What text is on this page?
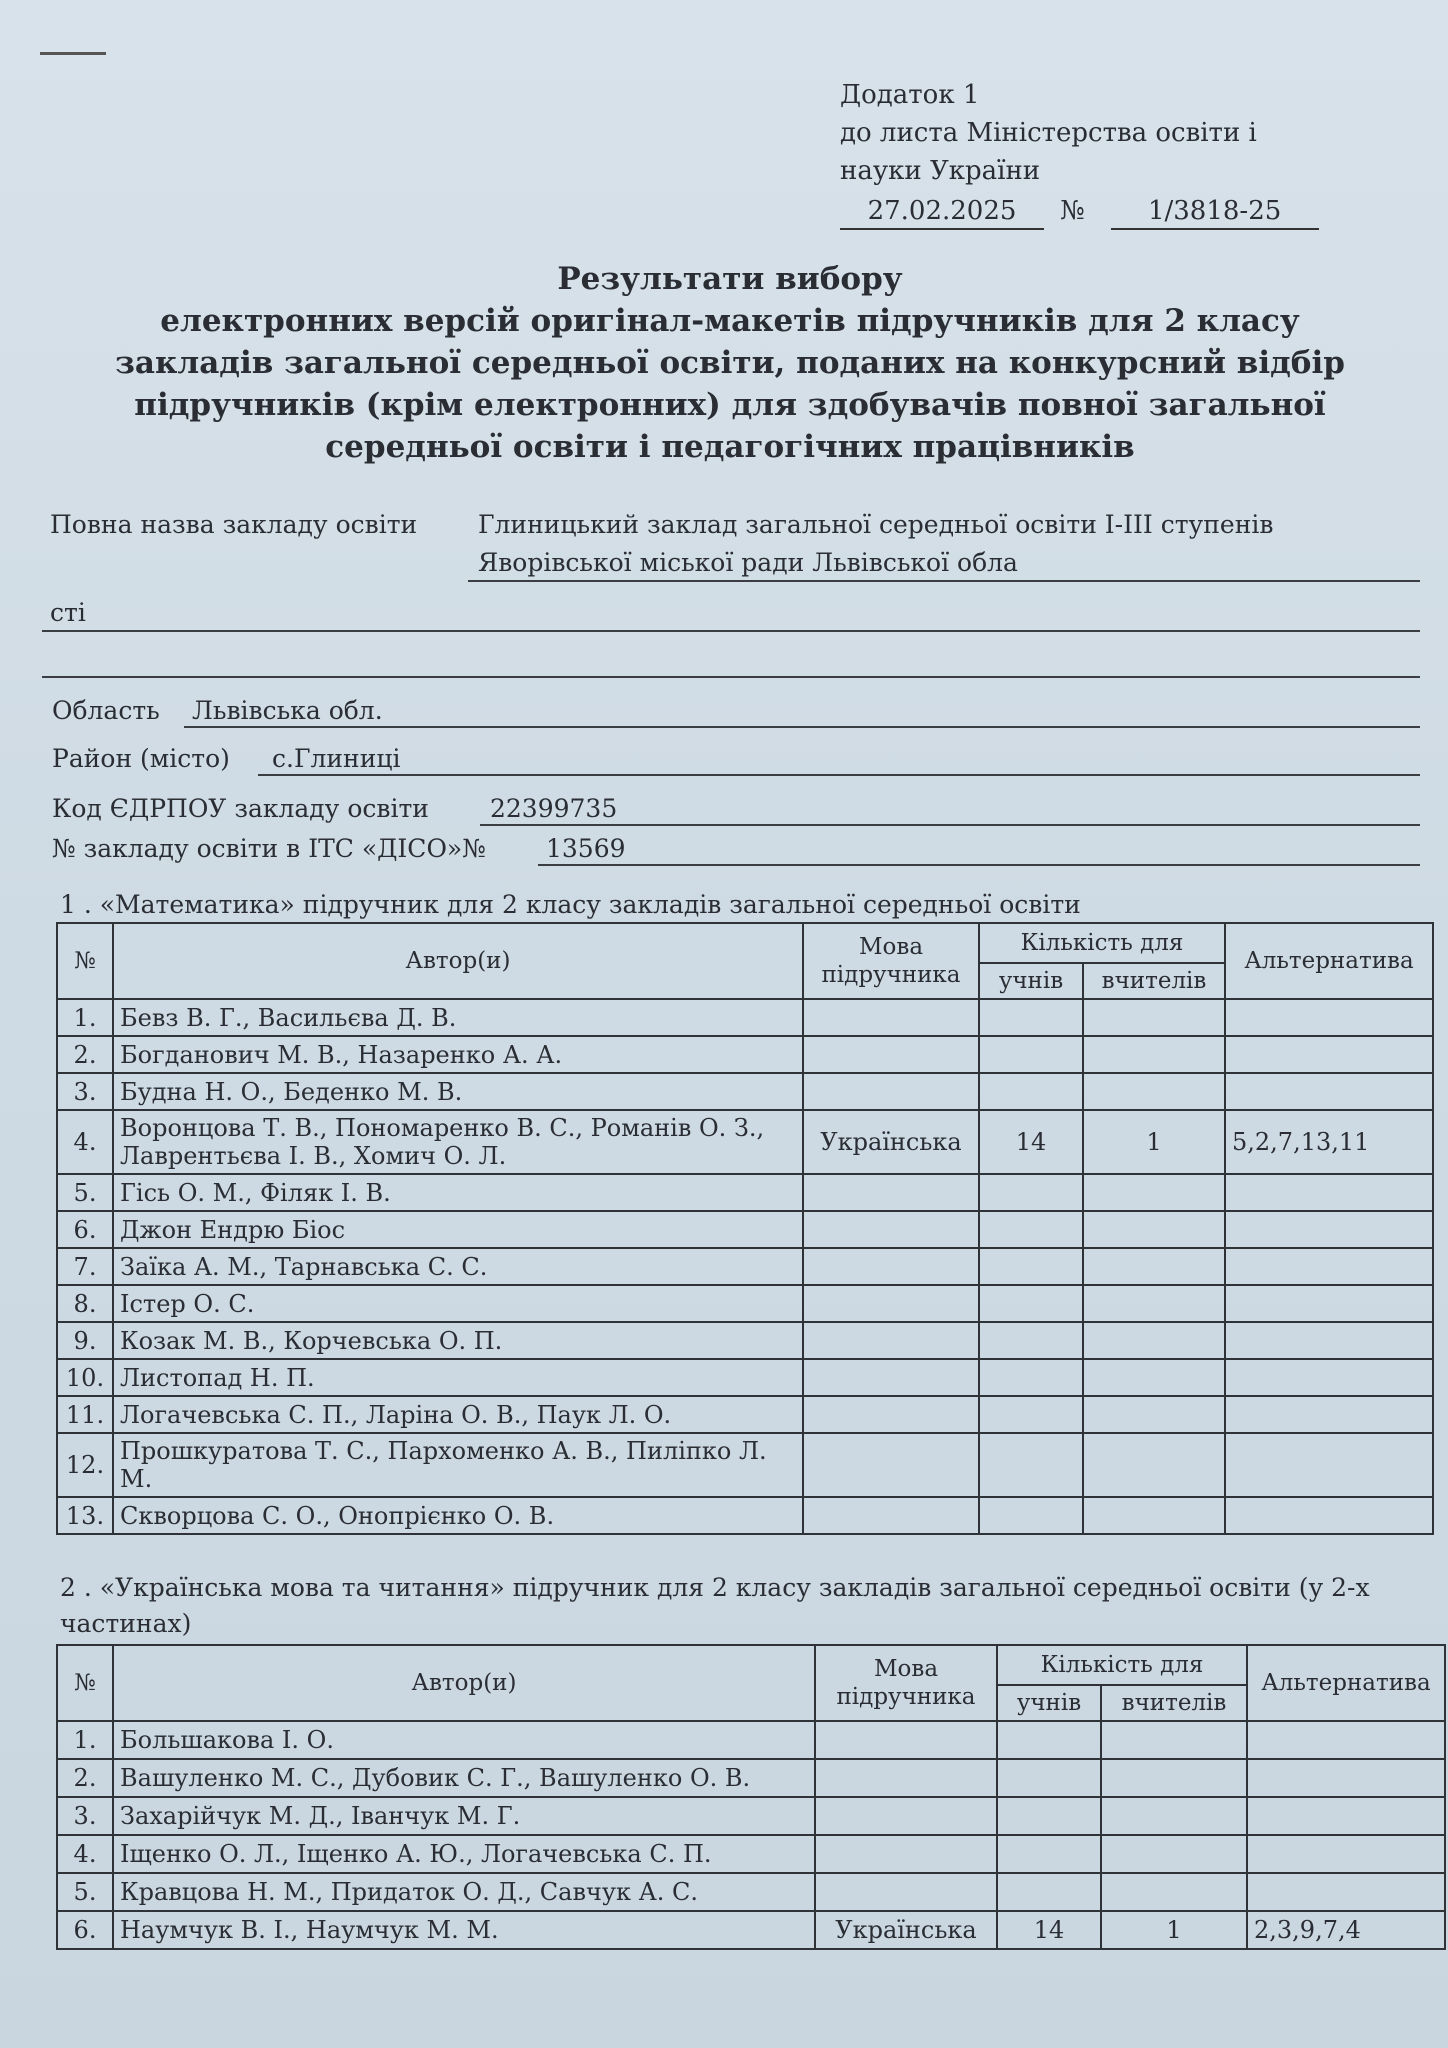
Додаток 1
до листа Міністерства освіти і
науки України
27.02.2025	№	1/3818-25
Результати вибору
електронних версій оригінал-макетів підручників для 2 класу
закладів загальної середньої освіти, поданих на конкурсний відбір
підручників (крім електронних) для здобувачів повної загальної
середньої освіти і педагогічних працівників
Повна назва закладу освіти Глиницький заклад загальної середньої освіти І-ІІІ ступенів
Яворівської міської ради Львівської обла
сті
Область Львівська обл.
Район (місто) с.Глиниці
Код ЄДРПОУ закладу освіти 22399735
№ закладу освіти в ІТС «ДІСО»№ 13569
1 . «Математика» підручник для 2 класу закладів загальної середньої освіти
№	Автор(и)	Мова підручника	Кількість для		Альтернатива
			учнів	вчителів	
1.	Бевз В. Г., Васильєва Д. В.				
2.	Богданович М. В., Назаренко А. А.				
3.	Будна Н. О., Беденко М. В.				
4.	Воронцова Т. В., Пономаренко В. С., Романів О. З., Лаврентьєва І. В., Хомич О. Л.	Українська	14	1	5,2,7,13,11
5.	Гісь О. М., Філяк І. В.				
6.	Джон Ендрю Біос				
7.	Заїка А. М., Тарнавська С. С.				
8.	Істер О. С.				
9.	Козак М. В., Корчевська О. П.				
10.	Листопад Н. П.				
11.	Логачевська С. П., Ларіна О. В., Паук Л. О.				
12.	Прошкуратова Т. С., Пархоменко А. В., Пиліпко Л. М.				
13.	Скворцова С. О., Онопрієнко О. В.				
2 . «Українська мова та читання» підручник для 2 класу закладів загальної середньої освіти (у 2-х частинах)
№	Автор(и)	Мова підручника	Кількість для		Альтернатива
			учнів	вчителів	
1.	Большакова І. О.				
2.	Вашуленко М. С., Дубовик С. Г., Вашуленко О. В.				
3.	Захарійчук М. Д., Іванчук М. Г.				
4.	Іщенко О. Л., Іщенко А. Ю., Логачевська С. П.				
5.	Кравцова Н. М., Придаток О. Д., Савчук А. С.				
6.	Наумчук В. І., Наумчук М. М.	Українська	14	1	2,3,9,7,4
